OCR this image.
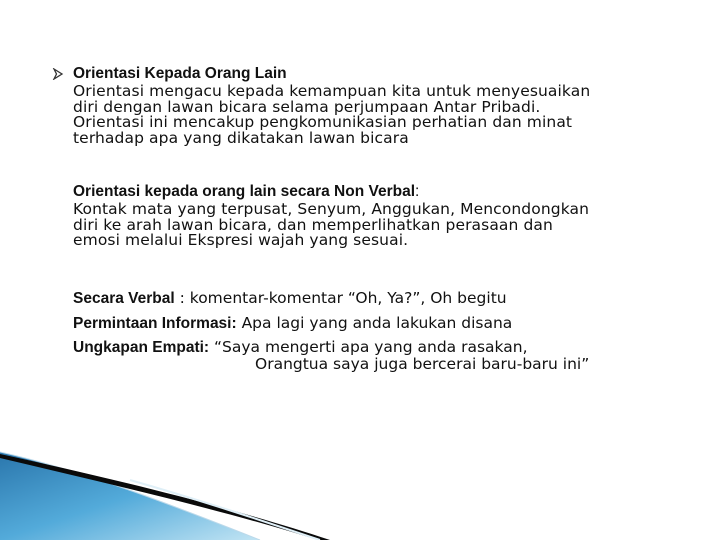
Orientasi Kepada Orang Lain
Orientasi mengacu kepada kemampuan kita untuk menyesuaikan
diri dengan lawan bicara selama perjumpaan Antar Pribadi.
Orientasi ini mencakup pengkomunikasian perhatian dan minat
terhadap apa yang dikatakan lawan bicara
Orientasi kepada orang lain secara Non Verbal:
Kontak mata yang terpusat, Senyum, Anggukan, Mencondongkan
diri ke arah lawan bicara, dan memperlihatkan perasaan dan
emosi melalui Ekspresi wajah yang sesuai.
Secara Verbal : komentar-komentar “Oh, Ya?”, Oh begitu
Permintaan Informasi: Apa lagi yang anda lakukan disana
Ungkapan Empati: “Saya mengerti apa yang anda rasakan,
Orangtua saya juga bercerai baru-baru ini”
